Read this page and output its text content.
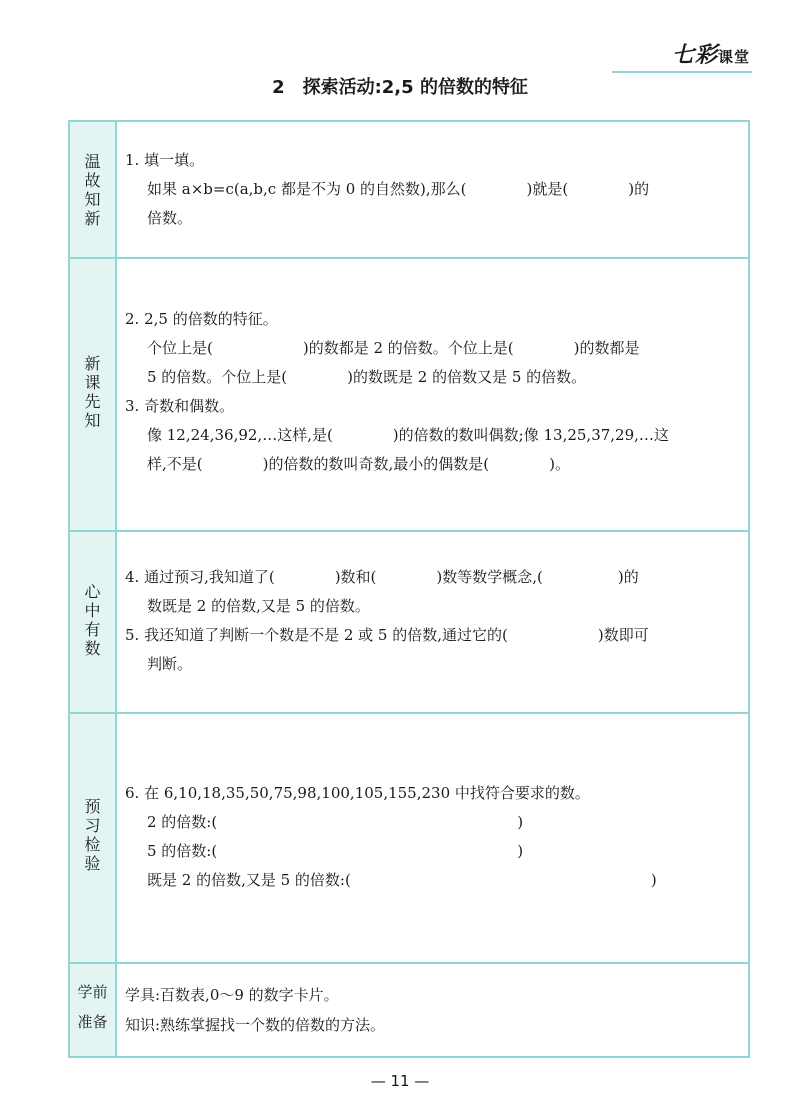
七彩课堂
2　探索活动:2,5 的倍数的特征
温
故
知
新

1. 填一填。

如果 a×b=c(a,b,c 都是不为 0 的自然数),那么(　　　　)就是(　　　　)的

倍数。

新
课
先
知

2. 2,5 的倍数的特征。

个位上是(　　　　　　)的数都是 2 的倍数。个位上是(　　　　)的数都是

5 的倍数。个位上是(　　　　)的数既是 2 的倍数又是 5 的倍数。

3. 奇数和偶数。

像 12,24,36,92,…这样,是(　　　　)的倍数的数叫偶数;像 13,25,37,29,…这

样,不是(　　　　)的倍数的数叫奇数,最小的偶数是(　　　　)。

心
中
有
数

4. 通过预习,我知道了(　　　　)数和(　　　　)数等数学概念,(　　　　　)的

数既是 2 的倍数,又是 5 的倍数。

5. 我还知道了判断一个数是不是 2 或 5 的倍数,通过它的(　　　　　　)数即可

判断。

预
习
检
验

6. 在 6,10,18,35,50,75,98,100,105,155,230 中找符合要求的数。

2 的倍数:(　　　　　　　　　　　　　　　　　　　　)

5 的倍数:(　　　　　　　　　　　　　　　　　　　　)

既是 2 的倍数,又是 5 的倍数:(　　　　　　　　　　　　　　　　　　　　)

学前
准备

学具:百数表,0～9 的数字卡片。

知识:熟练掌握找一个数的倍数的方法。

— 11 —
